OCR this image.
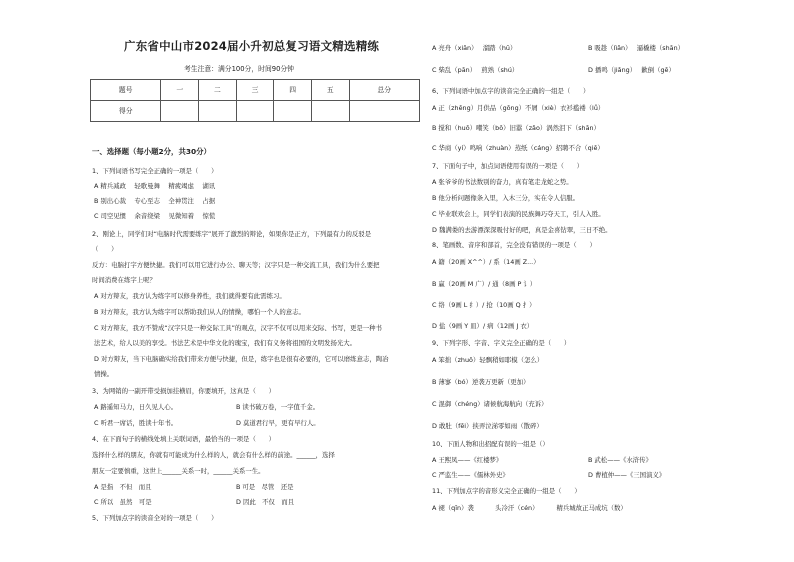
广东省中山市2024届小升初总复习语文精选精练
考生注意：满分100分，时间90分钟
题号	一	二	三	四	五	总分
得分						
一、选择题（每小题2分，共30分）
1、下列词语书写完全正确的一项是（　　）
A 精兵减政　 轻歌曼舞　 精疲竭虑　 湖讯
B 别出心裁　 专心至志　 全神贯注　 占据
C 司空见惯　 余音绕梁　 见微知着　 惊慌
2、刚论上，同学们对“电脑时代需要练字”展开了激烈的辩论，如果你是正方，下列最有力的反驳是
（　　）
反方：电脑打字方便快捷。我们可以用它进行办公、聊天等；汉字只是一种交流工具，我们为什么要把
时间消费在练字上呢？
A 对方辩友，我方认为练字可以修身养性，我们就得要有此需练习。
B 对方辩友，我方认为练字可以帮助我们从人的情操，哪怕一个人的意志。
C 对方辩友，我方不赞成“汉字只是一种交际工具”的观点，汉字不仅可以用来交际、书写，更是一种书
法艺术，给人以美的享受。书法艺术是中华文化的瑰宝，我们有义务将祖国的文明发扬光大。
D 对方辩友，当下电脑确实给我们带来方便与快捷，但是，练字也是很有必要的，它可以磨练意志，陶冶
情操。
3、为网销的一副开带受损加挂横眉，你要填开，这真是（　　）
A 路遥知马力，日久见人心。	B 读书破万卷，一字值千金。
C 听君一席话，胜读十年书。	D 莫道君行早，更有早行人。
4、在下面句子的横线处填上关联词语，最恰当的一项是（　　）
选择什么样的朋友，你就有可能成为什么样的人，就会有什么样的前途。______，选择
朋友一定要慎重，这世上______关系一时，______关系一生。
A 是指　不但　而且	B 可是　尽管　还是
C 所以　虽然　可是	D 因此　不仅　而且
5、下列加点字的读音全对的一项是（　　）
A 亮舟（xiān）　 溜踏（hū）	B 吸趁（lìān）　 逼橇楼（shān）
C 柴乱（pān）　 煎熟（shú）	D 播鸣（jiǎng）　 歉倒（gē）
6、下列词语中加点字的读音完全正确的一组是（　　）
A 正（zhēng）月供品（gōng）不屑（xiè）衣衫褴褛（lǚ）
B 搅和（huō）嘲笑（bō）旧嚣（zǎo）涡然泪下（shān）
C 华商（yí）鸣响（zhuàn）蒸纸（cáng）招聘不合（qiē）
7、下面句子中，加点词语使用有误的一项是（　　）
A 张爷爷的书法数别的奋力，真有笔走龙蛇之势。
B 他分析问题像条入里，入木三分，实在令人信服。
C 毕业联欢会上，同学们表演的民族舞巧夺天工，引人入胜。
D 魏满娄的去游漂深深吸付好的吧，真是金喜钻翠，三日不绝。
8、笔画数、音序和部首，完全没有错误的一项是（　　）
A 籍（20画 X^^）/ 系（14画 Z...）
B 赢（20画 M 广）/ 通（8画 P 讠）
C 络（9画 L 纟）/ 抢（10画 Q 扌）
D 盐（9画 Y 皿）/ 病（12画 J 衣）
9、下列字形、字音、字义完全正确的是（　　）
A 笨拙（zhuō）轻飘稍如耶模（怎么）
B 薄寥（bó）逆袭万更新（更加）
C 混御（chéng）诸候航海航向（充诉）
D 敢肚（fēi）挟弄泣涕零如雨（散碎）
10、下面人物和出招配有误的一组是（）
A 王熙凤——《红楼梦》	B 武松——《水浒传》
C 严监生——《儒林外史》	D 曹植仲——《三国演义》
11、下列加点字的音形义完全正确的一组是（　　）
A 褪（qīn）袭　　　 头冷汗（cén）　　　 精兵城故正马成坑（数）
